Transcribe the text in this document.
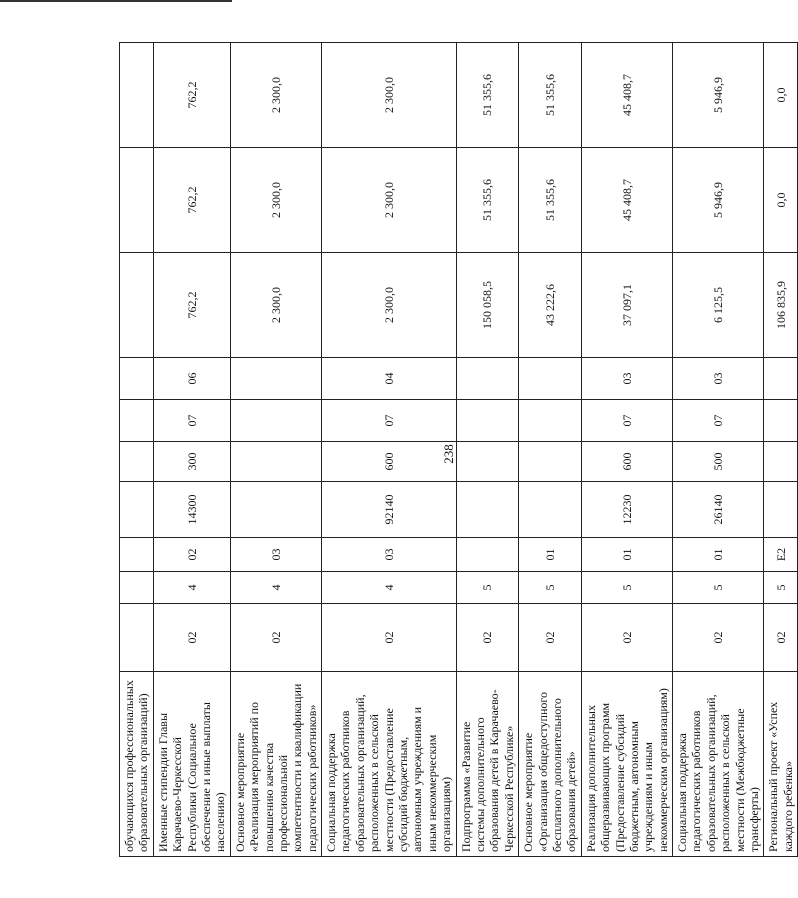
238
обучающихся профессиональных образовательных организаций)										
Именные стипендии Главы Карачаево-Черкесской Республики (Социальное обеспечение и иные выплаты населению)	02	4	02	14300	300	07	06	762,2	762,2	762,2
Основное мероприятие «Реализация мероприятий по повышению качества профессиональной компетентности и квалификации педагогических работников»	02	4	03					2 300,0	2 300,0	2 300,0
Социальная поддержка педагогических работников образовательных организаций, расположенных в сельской местности (Предоставление субсидий бюджетным, автономным учреждениям и иным некоммерческим организациям)	02	4	03	92140	600	07	04	2 300,0	2 300,0	2 300,0
Подпрограмма «Развитие системы дополнительного образования детей в Карачаево-Черкесской Республике»	02	5						150 058,5	51 355,6	51 355,6
Основное мероприятие «Организация общедоступного бесплатного дополнительного образования детей»	02	5	01					43 222,6	51 355,6	51 355,6
Реализация дополнительных общеразвивающих программ (Предоставление субсидий бюджетным, автономным учреждениям и иным некоммерческим организациям)	02	5	01	12230	600	07	03	37 097,1	45 408,7	45 408,7
Социальная поддержка педагогических работников образовательных организаций, расположенных в сельской местности (Межбюджетные трансферты)	02	5	01	26140	500	07	03	6 125,5	5 946,9	5 946,9
Региональный проект «Успех каждого ребенка»	02	5	E2					106 835,9	0,0	0,0
